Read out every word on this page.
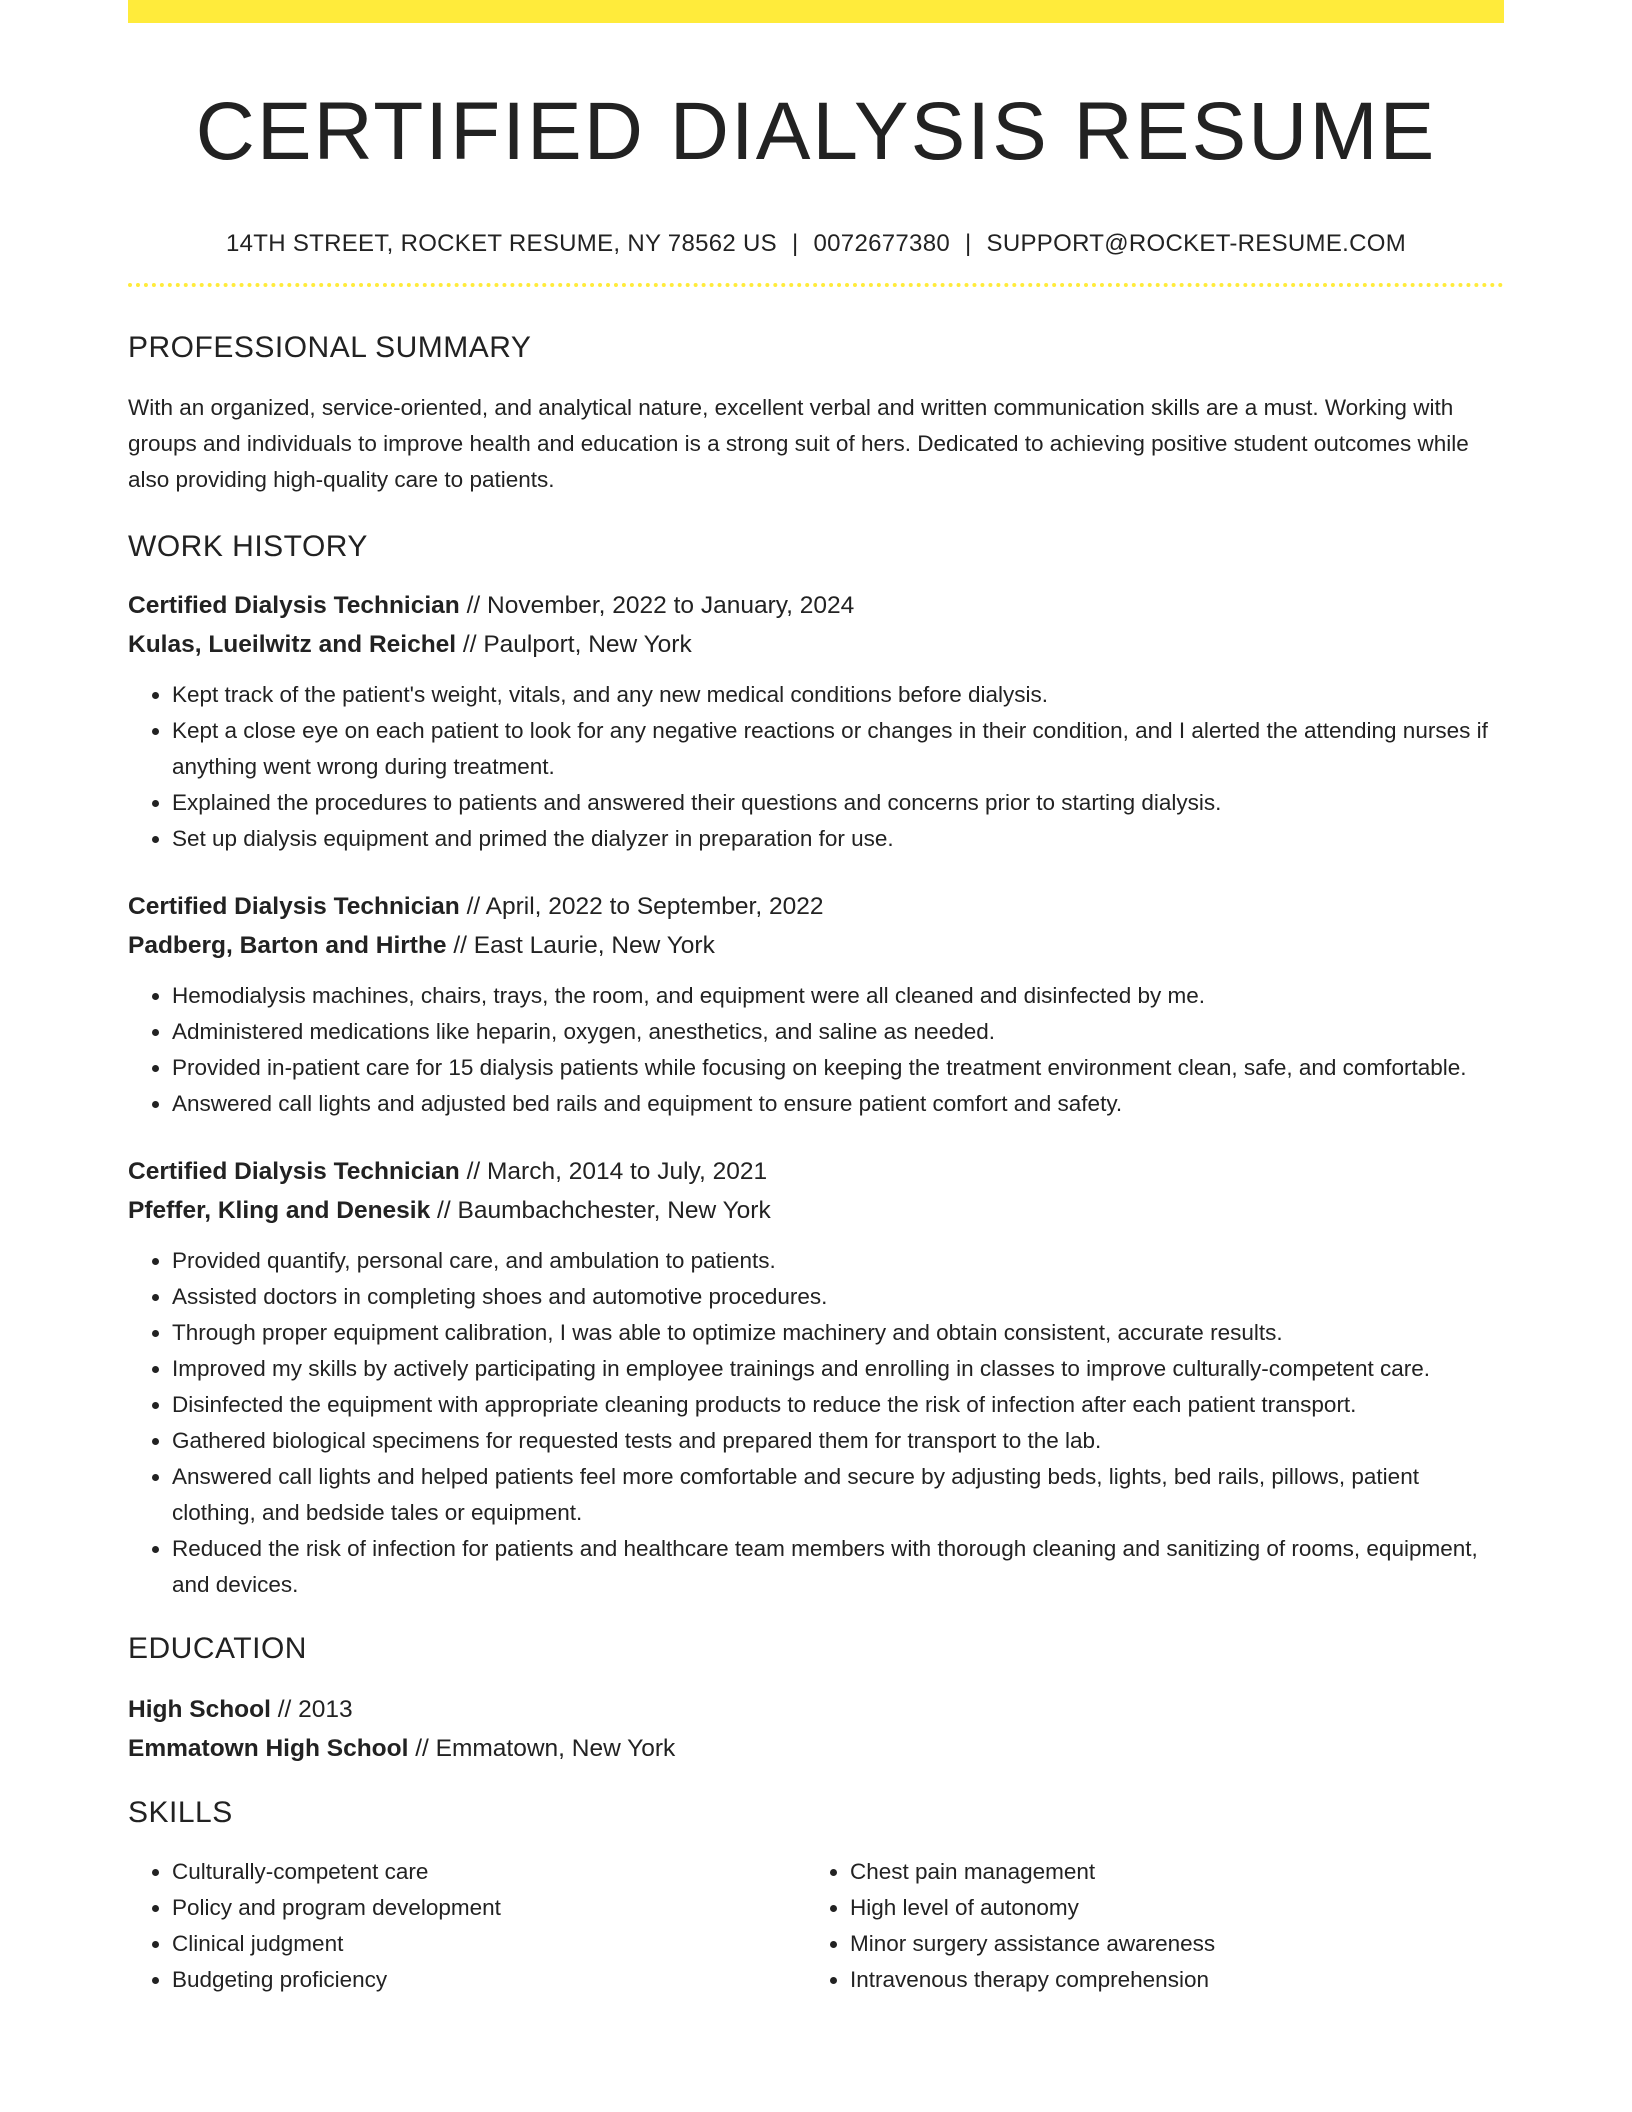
CERTIFIED DIALYSIS RESUME
14TH STREET, ROCKET RESUME, NY 78562 US | 0072677380 | SUPPORT@ROCKET-RESUME.COM
PROFESSIONAL SUMMARY

With an organized, service-oriented, and analytical nature, excellent verbal and written communication skills are a must. Working with groups and individuals to improve health and education is a strong suit of hers. Dedicated to achieving positive student outcomes while also providing high-quality care to patients.

WORK HISTORY
Certified Dialysis Technician // November, 2022 to January, 2024
Kulas, Lueilwitz and Reichel // Paulport, New York
• Kept track of the patient's weight, vitals, and any new medical conditions before dialysis.
• Kept a close eye on each patient to look for any negative reactions or changes in their condition, and I alerted the attending nurses if anything went wrong during treatment.
• Explained the procedures to patients and answered their questions and concerns prior to starting dialysis.
• Set up dialysis equipment and primed the dialyzer in preparation for use.
Certified Dialysis Technician // April, 2022 to September, 2022
Padberg, Barton and Hirthe // East Laurie, New York
• Hemodialysis machines, chairs, trays, the room, and equipment were all cleaned and disinfected by me.
• Administered medications like heparin, oxygen, anesthetics, and saline as needed.
• Provided in-patient care for 15 dialysis patients while focusing on keeping the treatment environment clean, safe, and comfortable.
• Answered call lights and adjusted bed rails and equipment to ensure patient comfort and safety.
Certified Dialysis Technician // March, 2014 to July, 2021
Pfeffer, Kling and Denesik // Baumbachchester, New York
• Provided quantify, personal care, and ambulation to patients.
• Assisted doctors in completing shoes and automotive procedures.
• Through proper equipment calibration, I was able to optimize machinery and obtain consistent, accurate results.
• Improved my skills by actively participating in employee trainings and enrolling in classes to improve culturally-competent care.
• Disinfected the equipment with appropriate cleaning products to reduce the risk of infection after each patient transport.
• Gathered biological specimens for requested tests and prepared them for transport to the lab.
• Answered call lights and helped patients feel more comfortable and secure by adjusting beds, lights, bed rails, pillows, patient clothing, and bedside tales or equipment.
• Reduced the risk of infection for patients and healthcare team members with thorough cleaning and sanitizing of rooms, equipment, and devices.
EDUCATION
High School // 2013
Emmatown High School // Emmatown, New York
SKILLS
• Culturally-competent care
• Policy and program development
• Clinical judgment
• Budgeting proficiency
• Chest pain management
• High level of autonomy
• Minor surgery assistance awareness
• Intravenous therapy comprehension
